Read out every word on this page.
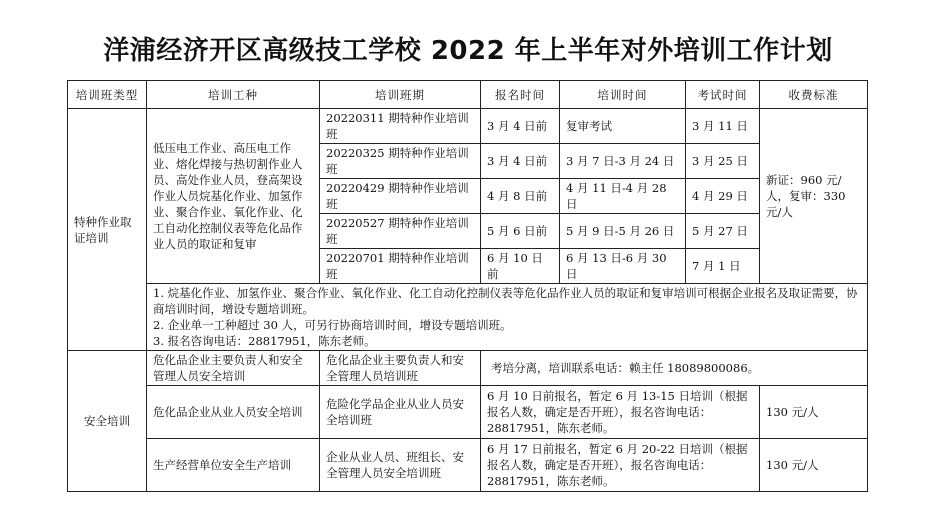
洋浦经济开区高级技工学校 2022 年上半年对外培训工作计划
培训班类型	培训工种	培训班期	报名时间	培训时间	考试时间	收费标准
特种作业取证培训	低压电工作业、高压电工作业、熔化焊接与热切割作业人员、高处作业人员，登高架设作业人员烷基化作业、加氢作业、聚合作业、氧化作业、化工自动化控制仪表等危化品作业人员的取证和复审	20220311 期特种作业培训班	3 月 4 日前	复审考试	3 月 11 日	新证：960 元/人，复审：330 元/人
		20220325 期特种作业培训班	3 月 4 日前	3 月 7 日-3 月 24 日	3 月 25 日	
		20220429 期特种作业培训班	4 月 8 日前	4 月 11 日-4 月 28 日	4 月 29 日	
		20220527 期特种作业培训班	5 月 6 日前	5 月 9 日-5 月 26 日	5 月 27 日	
		20220701 期特种作业培训班	6 月 10 日前	6 月 13 日-6 月 30 日	7 月 1 日	

	1. 烷基化作业、加氢作业、聚合作业、氧化作业、化工自动化控制仪表等危化品作业人员的取证和复审培训可根据企业报名及取证需要，协商培训时间，增设专题培训班。
2. 企业单一工种超过 30 人，可另行协商培训时间，增设专题培训班。
3. 报名咨询电话：28817951，陈东老师。					

安全培训	危化品企业主要负责人和安全管理人员安全培训	危化品企业主要负责人和安全管理人员培训班	考培分离，培训联系电话：赖主任 18089800086。			
	危化品企业从业人员安全培训	危险化学品企业从业人员安全培训班	6 月 10 日前报名，暂定 6 月 13-15 日培训（根据报名人数，确定是否开班），报名咨询电话：28817951，陈东老师。			130 元/人
	生产经营单位安全生产培训	企业从业人员、班组长、安全管理人员安全培训班	6 月 17 日前报名，暂定 6 月 20-22 日培训（根据报名人数，确定是否开班），报名咨询电话：28817951，陈东老师。			130 元/人
